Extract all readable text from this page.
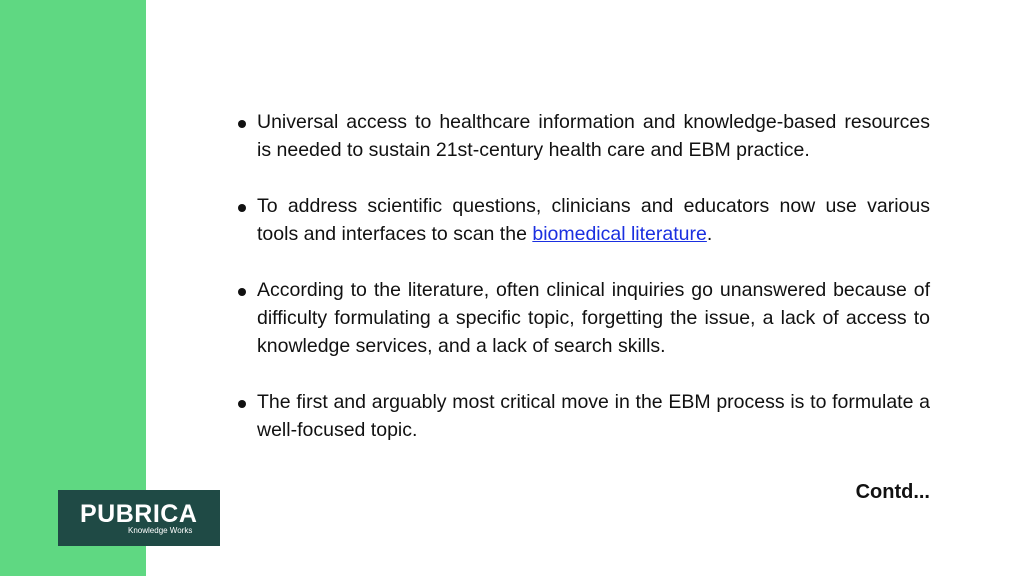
Universal access to healthcare information and knowledge-based resources is needed to sustain 21st-century health care and EBM practice.
To address scientific questions, clinicians and educators now use various tools and interfaces to scan the biomedical literature.
According to the literature, often clinical inquiries go unanswered because of difficulty formulating a specific topic, forgetting the issue, a lack of access to knowledge services, and a lack of search skills.
The first and arguably most critical move in the EBM process is to formulate a well-focused topic.
Contd...
PUBRICA
Knowledge Works
